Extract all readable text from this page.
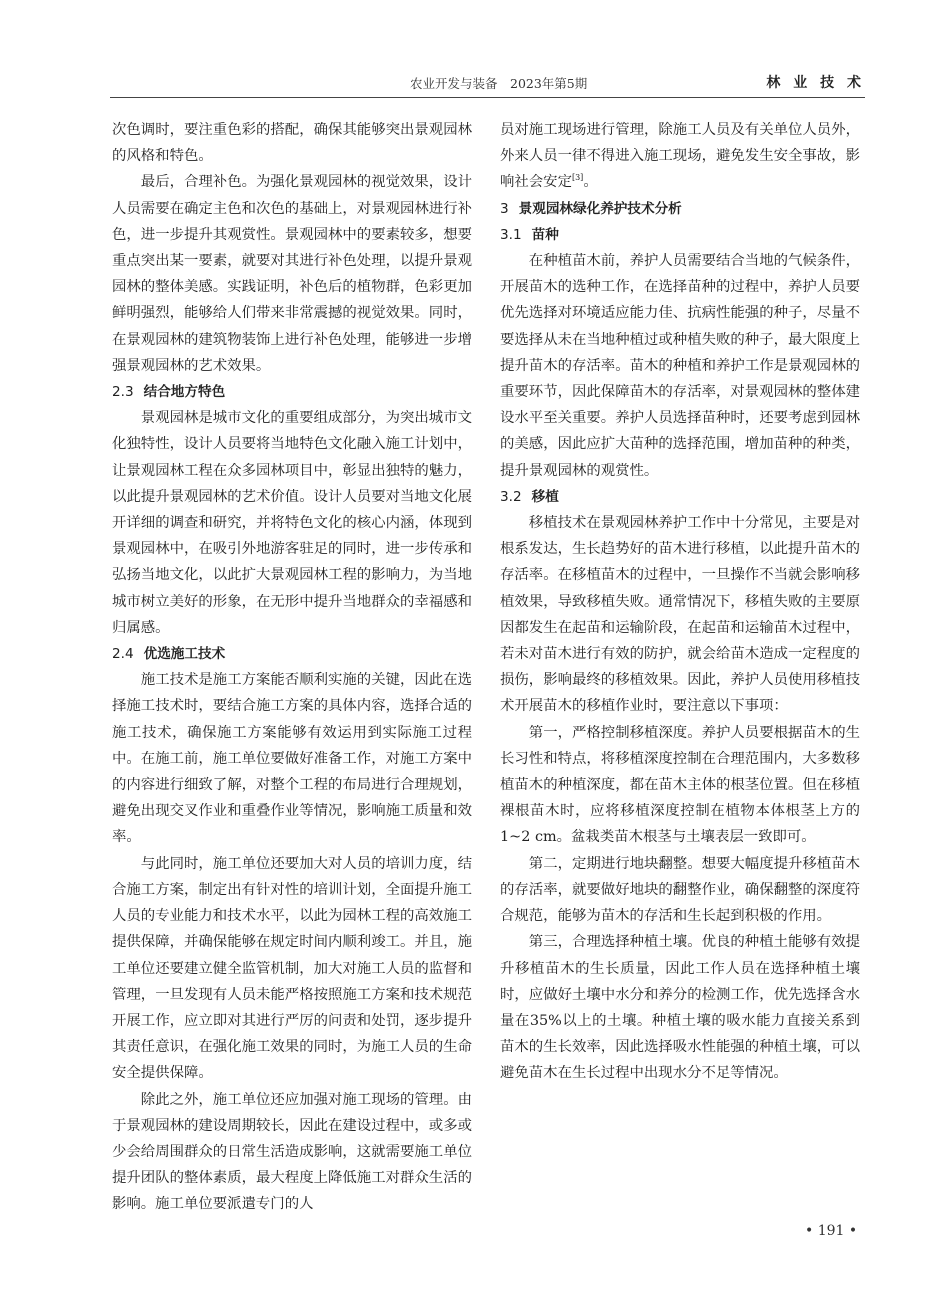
农业开发与装备　2023年第5期	林 业 技 术

次色调时，要注重色彩的搭配，确保其能够突出景观园林的风格和特色。

最后，合理补色。为强化景观园林的视觉效果，设计人员需要在确定主色和次色的基础上，对景观园林进行补色，进一步提升其观赏性。景观园林中的要素较多，想要重点突出某一要素，就要对其进行补色处理，以提升景观园林的整体美感。实践证明，补色后的植物群，色彩更加鲜明强烈，能够给人们带来非常震撼的视觉效果。同时，在景观园林的建筑物装饰上进行补色处理，能够进一步增强景观园林的艺术效果。

2.3 结合地方特色

景观园林是城市文化的重要组成部分，为突出城市文化独特性，设计人员要将当地特色文化融入施工计划中，让景观园林工程在众多园林项目中，彰显出独特的魅力，以此提升景观园林的艺术价值。设计人员要对当地文化展开详细的调查和研究，并将特色文化的核心内涵，体现到景观园林中，在吸引外地游客驻足的同时，进一步传承和弘扬当地文化，以此扩大景观园林工程的影响力，为当地城市树立美好的形象，在无形中提升当地群众的幸福感和归属感。

2.4 优选施工技术

施工技术是施工方案能否顺利实施的关键，因此在选择施工技术时，要结合施工方案的具体内容，选择合适的施工技术，确保施工方案能够有效运用到实际施工过程中。在施工前，施工单位要做好准备工作，对施工方案中的内容进行细致了解，对整个工程的布局进行合理规划，避免出现交叉作业和重叠作业等情况，影响施工质量和效率。

与此同时，施工单位还要加大对人员的培训力度，结合施工方案，制定出有针对性的培训计划，全面提升施工人员的专业能力和技术水平，以此为园林工程的高效施工提供保障，并确保能够在规定时间内顺利竣工。并且，施工单位还要建立健全监管机制，加大对施工人员的监督和管理，一旦发现有人员未能严格按照施工方案和技术规范开展工作，应立即对其进行严厉的问责和处罚，逐步提升其责任意识，在强化施工效果的同时，为施工人员的生命安全提供保障。

除此之外，施工单位还应加强对施工现场的管理。由于景观园林的建设周期较长，因此在建设过程中，或多或少会给周围群众的日常生活造成影响，这就需要施工单位提升团队的整体素质，最大程度上降低施工对群众生活的影响。施工单位要派遣专门的人

员对施工现场进行管理，除施工人员及有关单位人员外，外来人员一律不得进入施工现场，避免发生安全事故，影响社会安定[3]。

3 景观园林绿化养护技术分析
3.1 苗种

在种植苗木前，养护人员需要结合当地的气候条件，开展苗木的选种工作，在选择苗种的过程中，养护人员要优先选择对环境适应能力佳、抗病性能强的种子，尽量不要选择从未在当地种植过或种植失败的种子，最大限度上提升苗木的存活率。苗木的种植和养护工作是景观园林的重要环节，因此保障苗木的存活率，对景观园林的整体建设水平至关重要。养护人员选择苗种时，还要考虑到园林的美感，因此应扩大苗种的选择范围，增加苗种的种类，提升景观园林的观赏性。

3.2 移植

移植技术在景观园林养护工作中十分常见，主要是对根系发达，生长趋势好的苗木进行移植，以此提升苗木的存活率。在移植苗木的过程中，一旦操作不当就会影响移植效果，导致移植失败。通常情况下，移植失败的主要原因都发生在起苗和运输阶段，在起苗和运输苗木过程中，若未对苗木进行有效的防护，就会给苗木造成一定程度的损伤，影响最终的移植效果。因此，养护人员使用移植技术开展苗木的移植作业时，要注意以下事项：

第一，严格控制移植深度。养护人员要根据苗木的生长习性和特点，将移植深度控制在合理范围内，大多数移植苗木的种植深度，都在苗木主体的根茎位置。但在移植裸根苗木时，应将移植深度控制在植物本体根茎上方的1~2 cm。盆栽类苗木根茎与土壤表层一致即可。

第二，定期进行地块翻整。想要大幅度提升移植苗木的存活率，就要做好地块的翻整作业，确保翻整的深度符合规范，能够为苗木的存活和生长起到积极的作用。

第三，合理选择种植土壤。优良的种植土能够有效提升移植苗木的生长质量，因此工作人员在选择种植土壤时，应做好土壤中水分和养分的检测工作，优先选择含水量在35%以上的土壤。种植土壤的吸水能力直接关系到苗木的生长效率，因此选择吸水性能强的种植土壤，可以避免苗木在生长过程中出现水分不足等情况。

• 191 •
